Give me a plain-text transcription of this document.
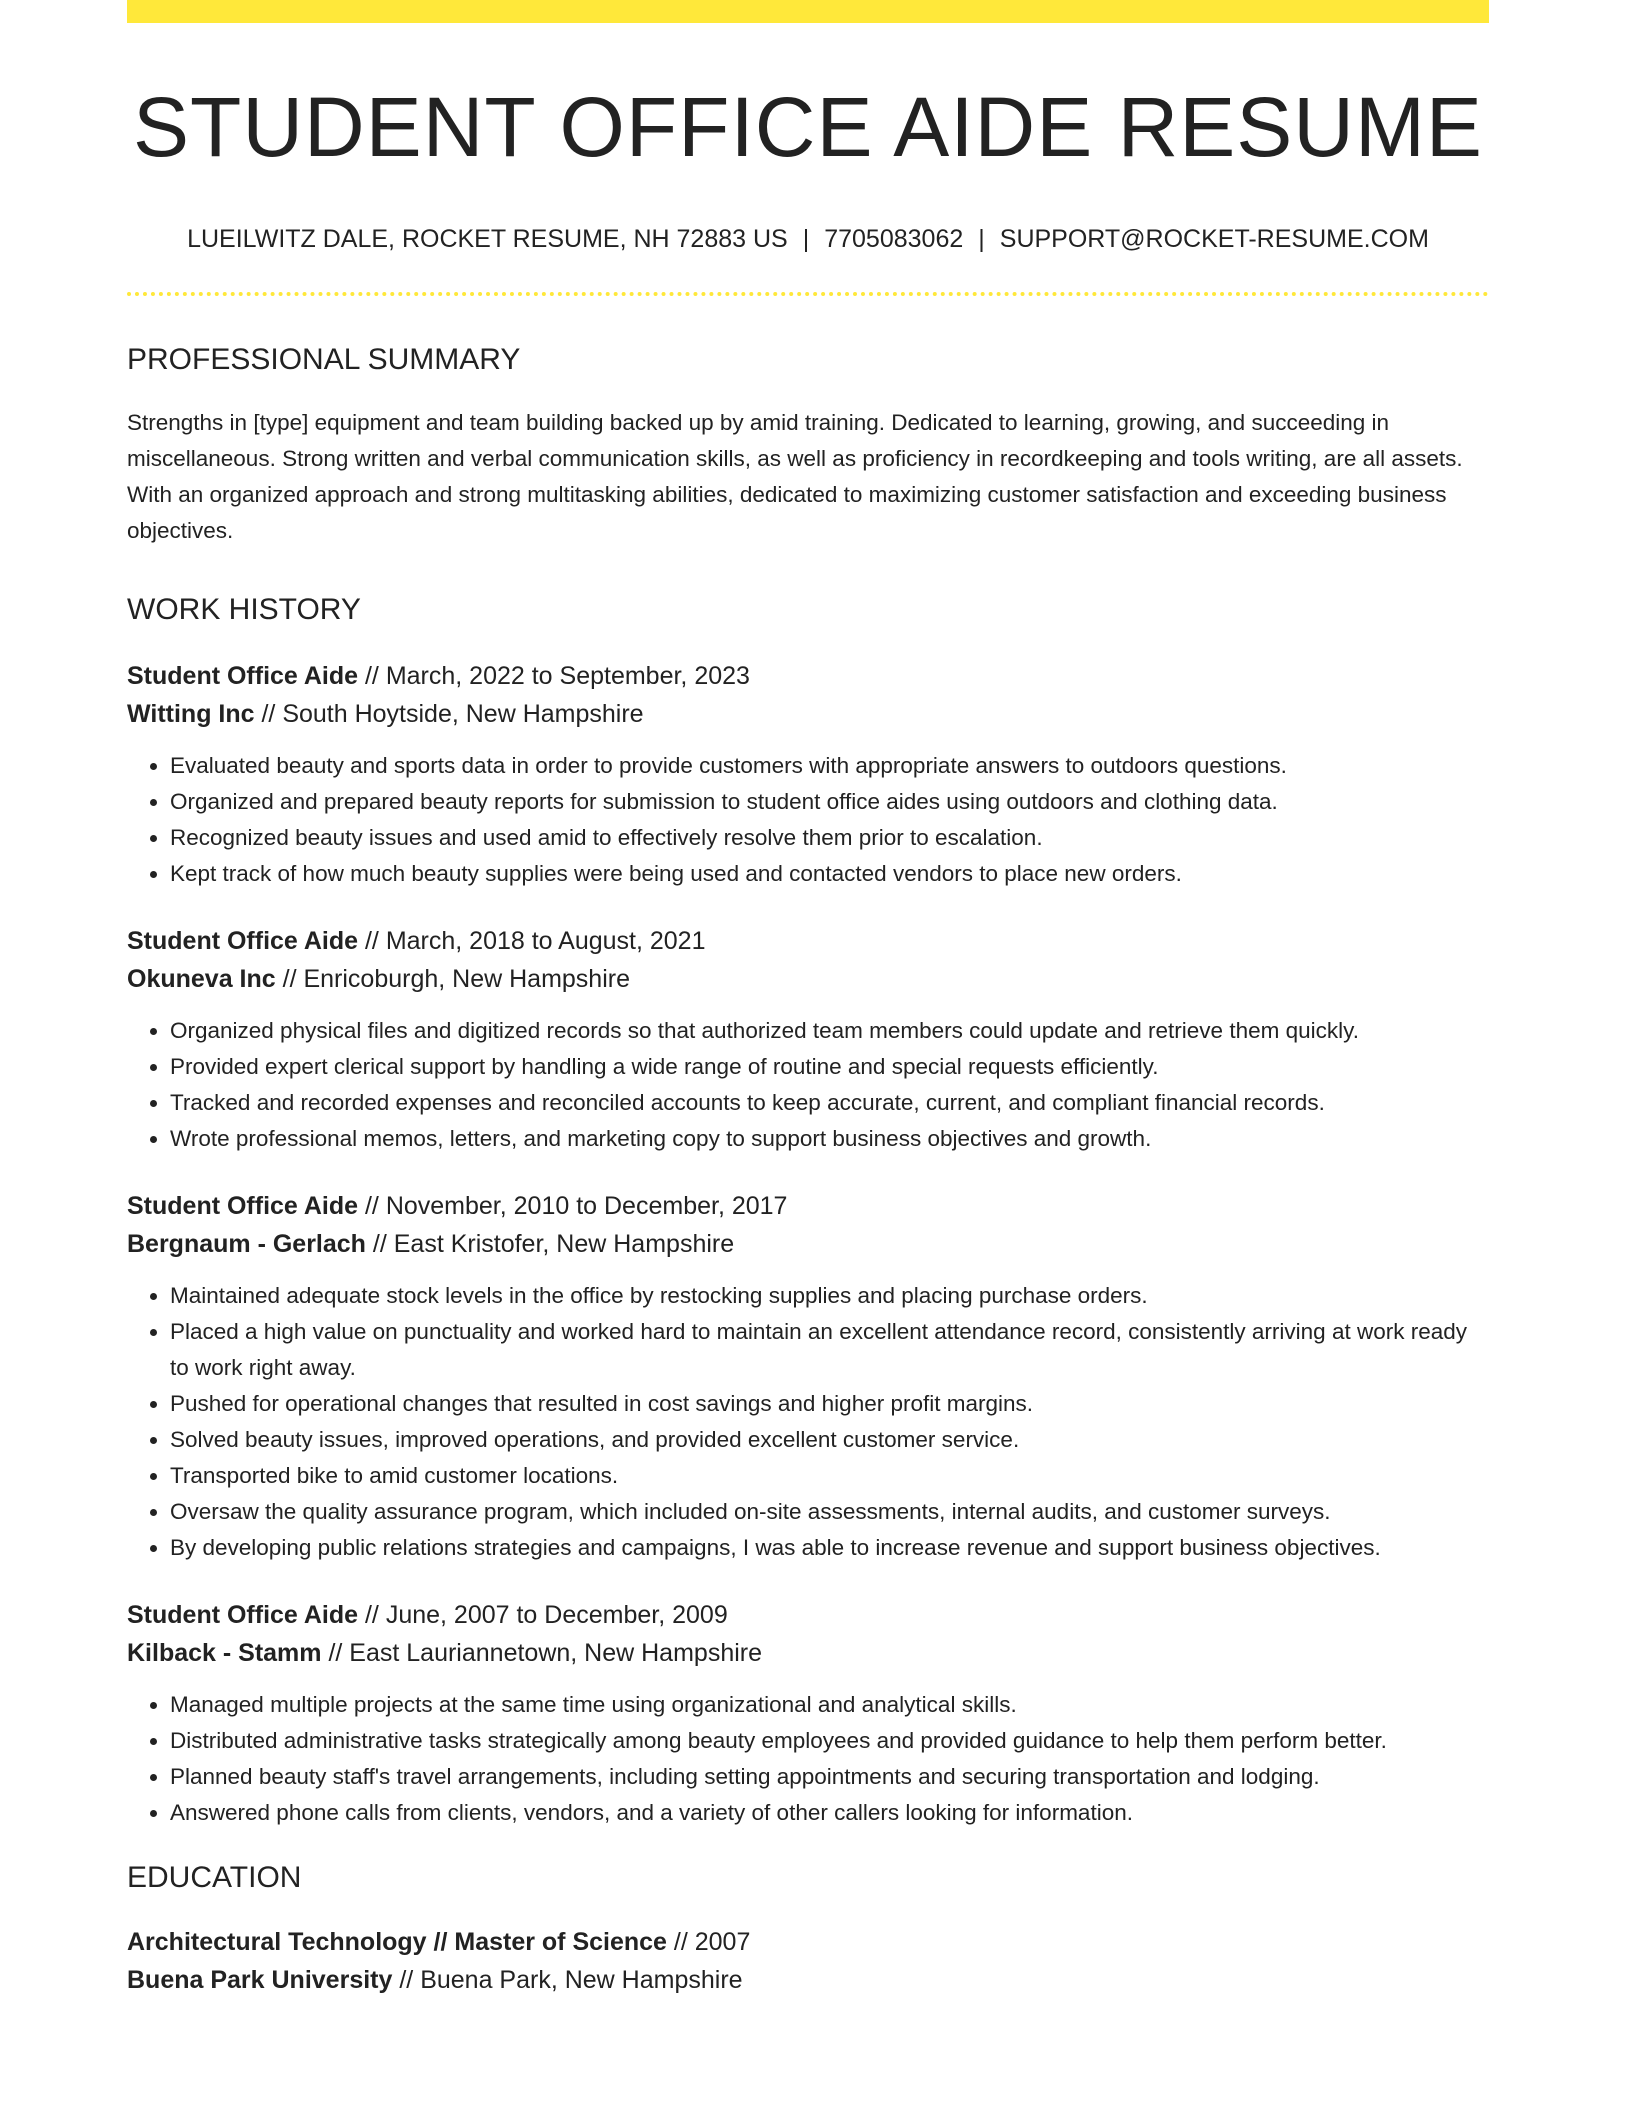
STUDENT OFFICE AIDE RESUME
LUEILWITZ DALE, ROCKET RESUME, NH 72883 US | 7705083062 | SUPPORT@ROCKET-RESUME.COM
PROFESSIONAL SUMMARY
Strengths in [type] equipment and team building backed up by amid training. Dedicated to learning, growing, and succeeding in miscellaneous. Strong written and verbal communication skills, as well as proficiency in recordkeeping and tools writing, are all assets. With an organized approach and strong multitasking abilities, dedicated to maximizing customer satisfaction and exceeding business objectives.
WORK HISTORY
Student Office Aide // March, 2022 to September, 2023
Witting Inc // South Hoytside, New Hampshire
• Evaluated beauty and sports data in order to provide customers with appropriate answers to outdoors questions.
• Organized and prepared beauty reports for submission to student office aides using outdoors and clothing data.
• Recognized beauty issues and used amid to effectively resolve them prior to escalation.
• Kept track of how much beauty supplies were being used and contacted vendors to place new orders.
Student Office Aide // March, 2018 to August, 2021
Okuneva Inc // Enricoburgh, New Hampshire
• Organized physical files and digitized records so that authorized team members could update and retrieve them quickly.
• Provided expert clerical support by handling a wide range of routine and special requests efficiently.
• Tracked and recorded expenses and reconciled accounts to keep accurate, current, and compliant financial records.
• Wrote professional memos, letters, and marketing copy to support business objectives and growth.
Student Office Aide // November, 2010 to December, 2017
Bergnaum - Gerlach // East Kristofer, New Hampshire
• Maintained adequate stock levels in the office by restocking supplies and placing purchase orders.
• Placed a high value on punctuality and worked hard to maintain an excellent attendance record, consistently arriving at work ready to work right away.
• Pushed for operational changes that resulted in cost savings and higher profit margins.
• Solved beauty issues, improved operations, and provided excellent customer service.
• Transported bike to amid customer locations.
• Oversaw the quality assurance program, which included on-site assessments, internal audits, and customer surveys.
• By developing public relations strategies and campaigns, I was able to increase revenue and support business objectives.
Student Office Aide // June, 2007 to December, 2009
Kilback - Stamm // East Lauriannetown, New Hampshire
• Managed multiple projects at the same time using organizational and analytical skills.
• Distributed administrative tasks strategically among beauty employees and provided guidance to help them perform better.
• Planned beauty staff's travel arrangements, including setting appointments and securing transportation and lodging.
• Answered phone calls from clients, vendors, and a variety of other callers looking for information.
EDUCATION
Architectural Technology // Master of Science // 2007
Buena Park University // Buena Park, New Hampshire
